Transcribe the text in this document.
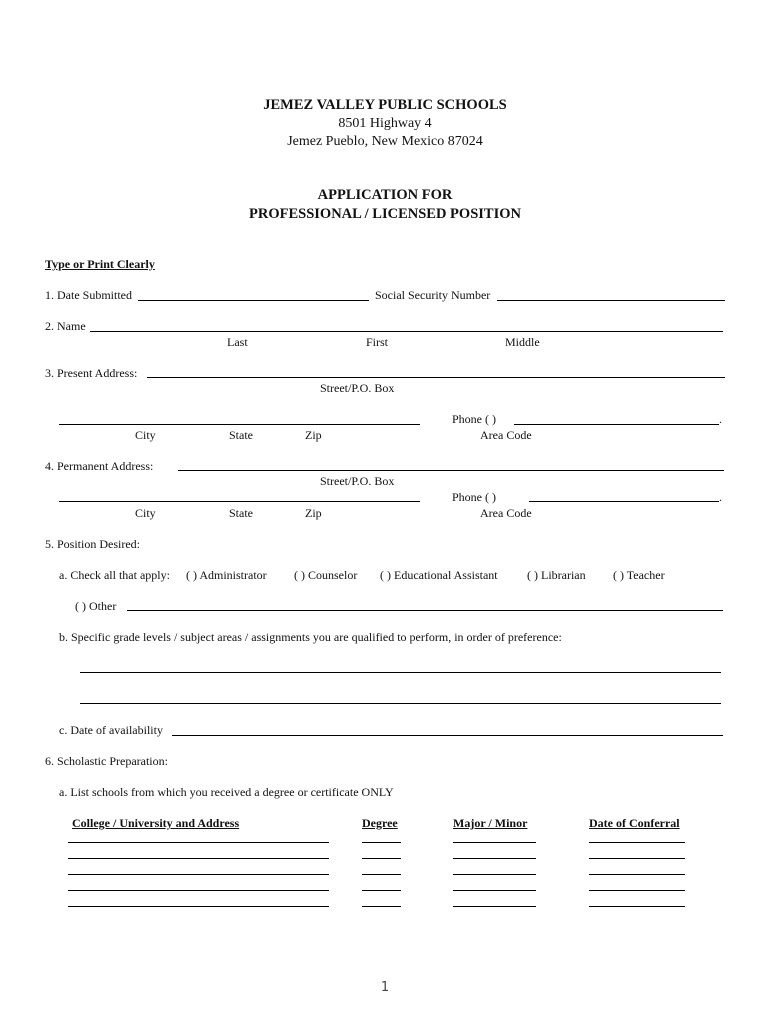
JEMEZ VALLEY PUBLIC SCHOOLS
8501 Highway 4
Jemez Pueblo, New Mexico 87024
APPLICATION FOR
PROFESSIONAL / LICENSED POSITION
Type or Print Clearly
1. Date Submitted	Social Security Number
2. Name
Last	First	Middle
3. Present Address:
Street/P.O. Box
Phone ( )	.
City	State	Zip	Area Code
4. Permanent Address:
Street/P.O. Box
Phone ( )	.
City	State	Zip	Area Code
5. Position Desired:
a. Check all that apply: ( ) Administrator ( ) Counselor ( ) Educational Assistant ( ) Librarian ( ) Teacher
( ) Other
b. Specific grade levels / subject areas / assignments you are qualified to perform, in order of preference:
c. Date of availability
6. Scholastic Preparation:
a. List schools from which you received a degree or certificate ONLY
College / University and Address	Degree	Major / Minor	Date of Conferral
1
